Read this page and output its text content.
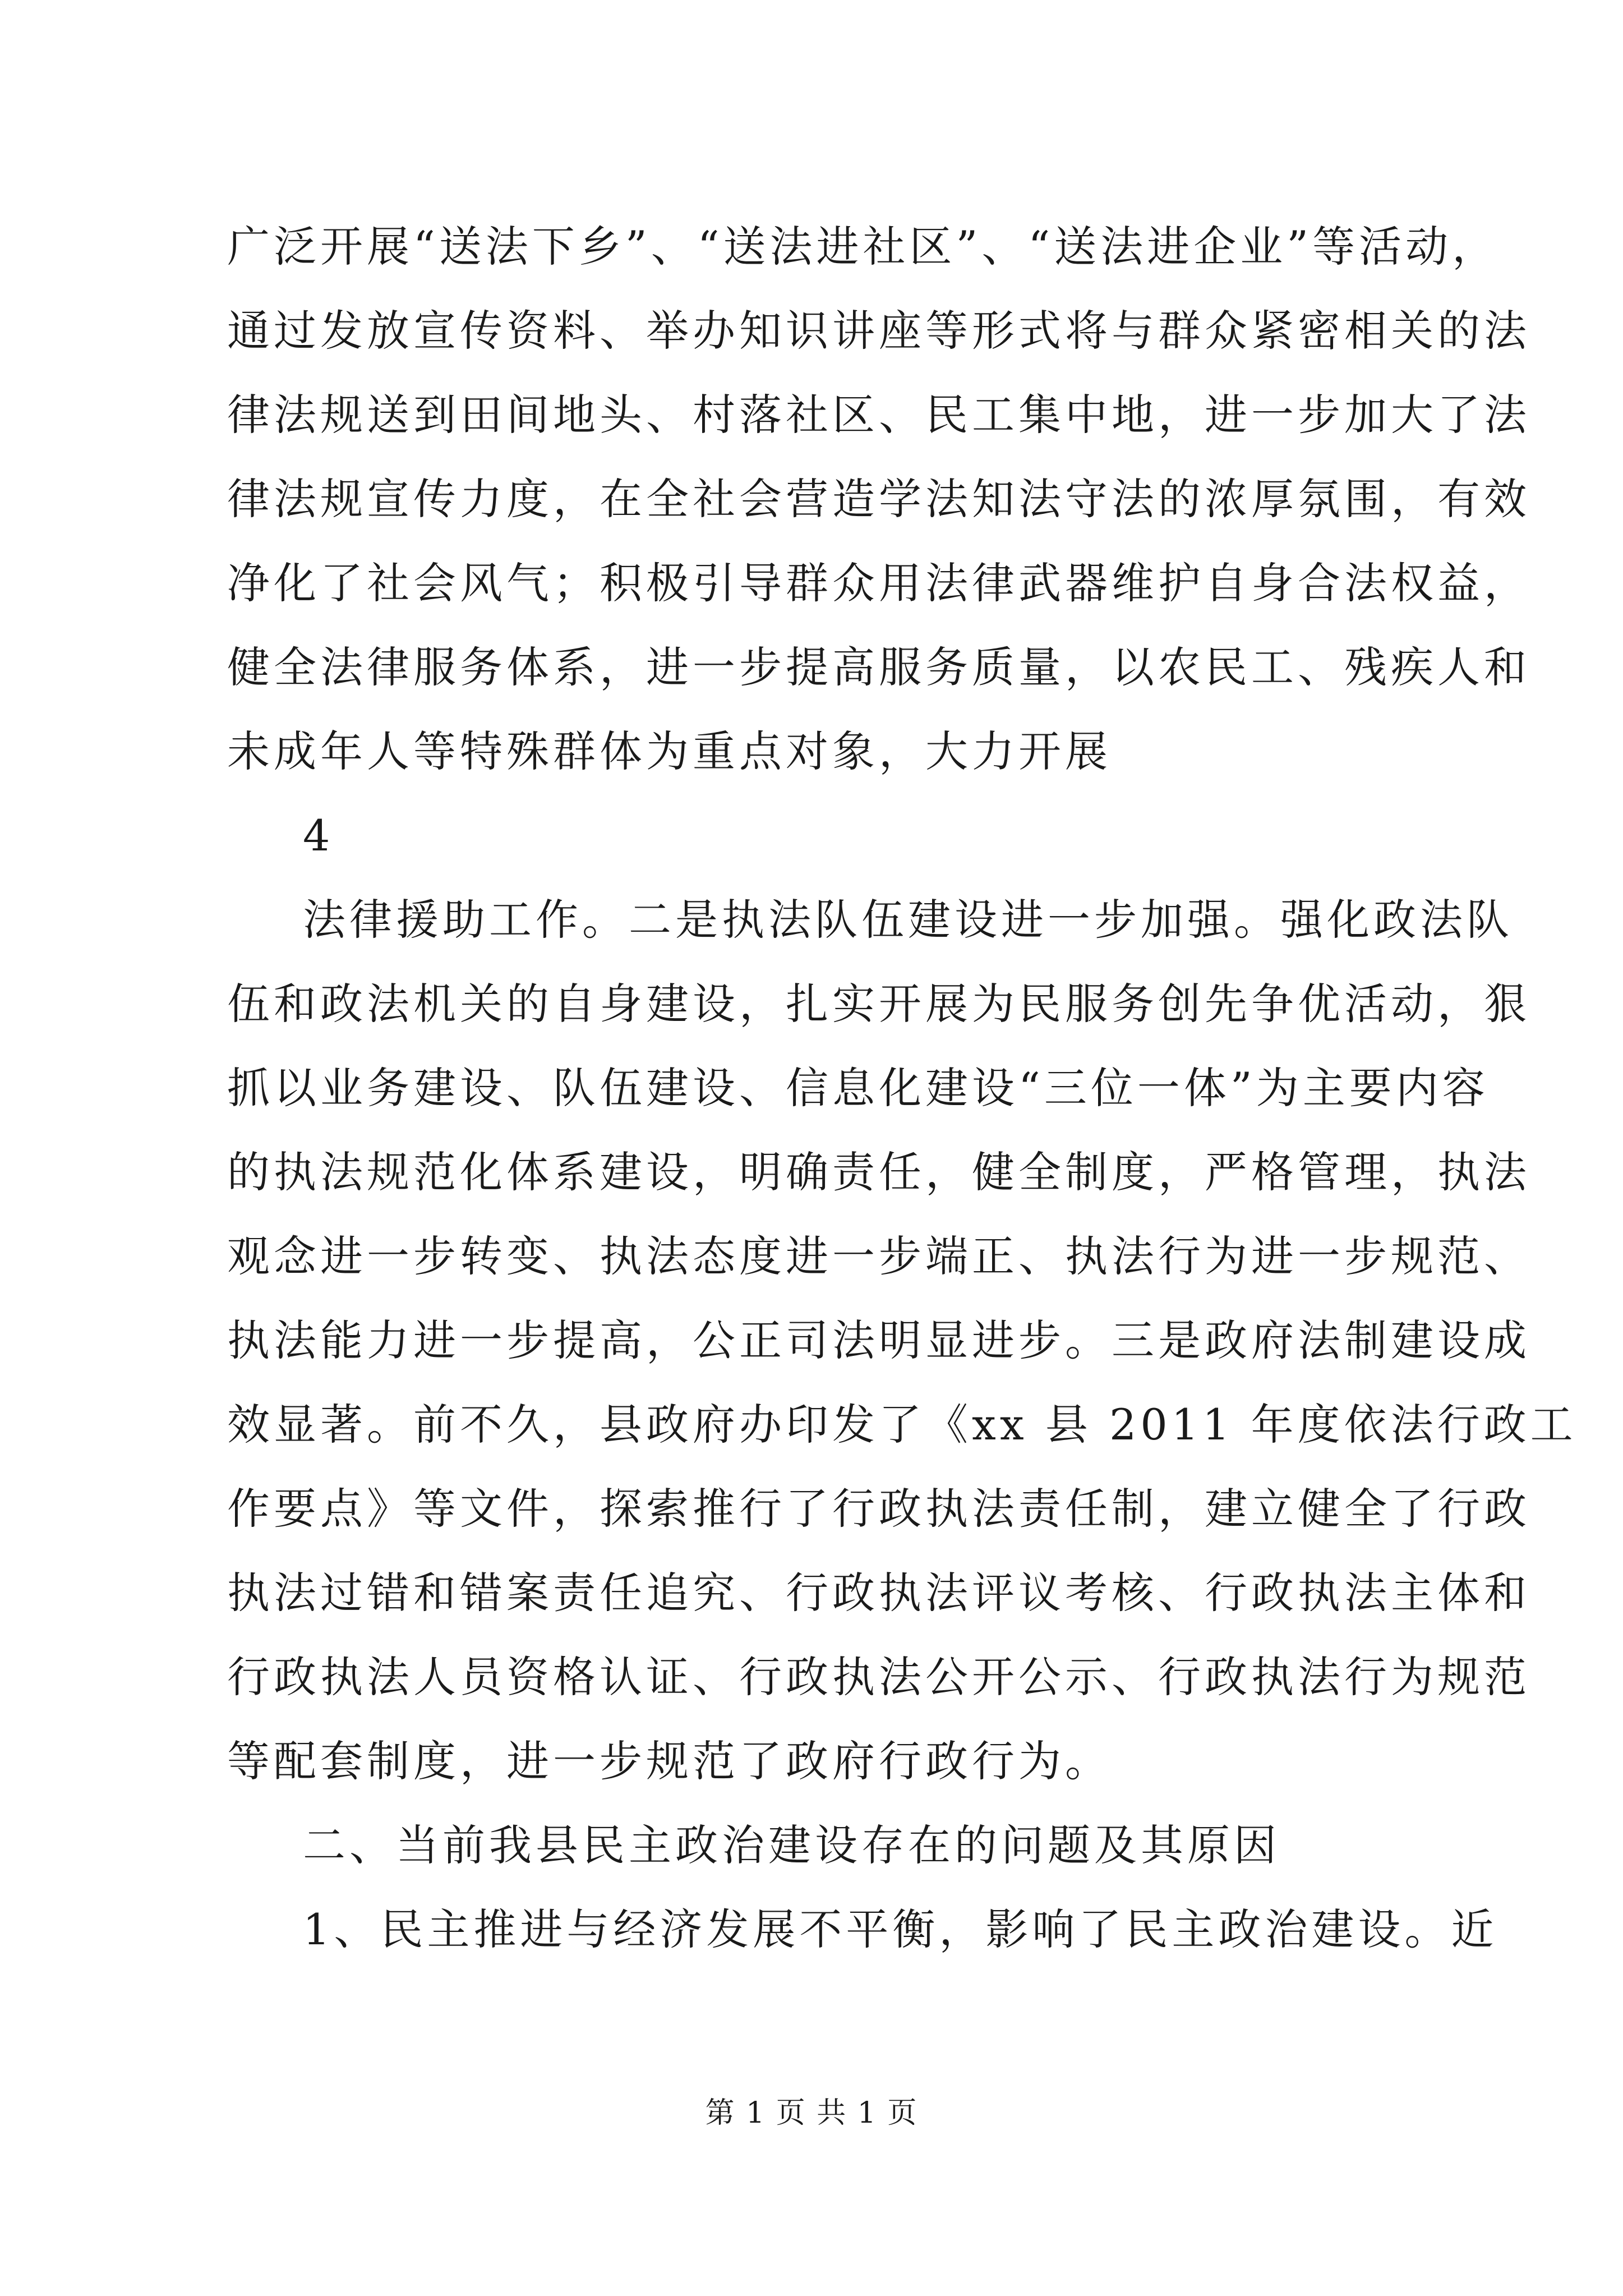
广泛开展“送法下乡”、“送法进社区”、“送法进企业”等活动，
通过发放宣传资料、举办知识讲座等形式将与群众紧密相关的法
律法规送到田间地头、村落社区、民工集中地，进一步加大了法
律法规宣传力度，在全社会营造学法知法守法的浓厚氛围，有效
净化了社会风气；积极引导群众用法律武器维护自身合法权益，
健全法律服务体系，进一步提高服务质量，以农民工、残疾人和
未成年人等特殊群体为重点对象，大力开展
4
法律援助工作。二是执法队伍建设进一步加强。强化政法队
伍和政法机关的自身建设，扎实开展为民服务创先争优活动，狠
抓以业务建设、队伍建设、信息化建设“三位一体”为主要内容
的执法规范化体系建设，明确责任，健全制度，严格管理，执法
观念进一步转变、执法态度进一步端正、执法行为进一步规范、
执法能力进一步提高，公正司法明显进步。三是政府法制建设成
效显著。前不久，县政府办印发了《xx 县 2011 年度依法行政工
作要点》等文件，探索推行了行政执法责任制，建立健全了行政
执法过错和错案责任追究、行政执法评议考核、行政执法主体和
行政执法人员资格认证、行政执法公开公示、行政执法行为规范
等配套制度，进一步规范了政府行政行为。
二、当前我县民主政治建设存在的问题及其原因
1、民主推进与经济发展不平衡，影响了民主政治建设。近
第 1 页 共 1 页
